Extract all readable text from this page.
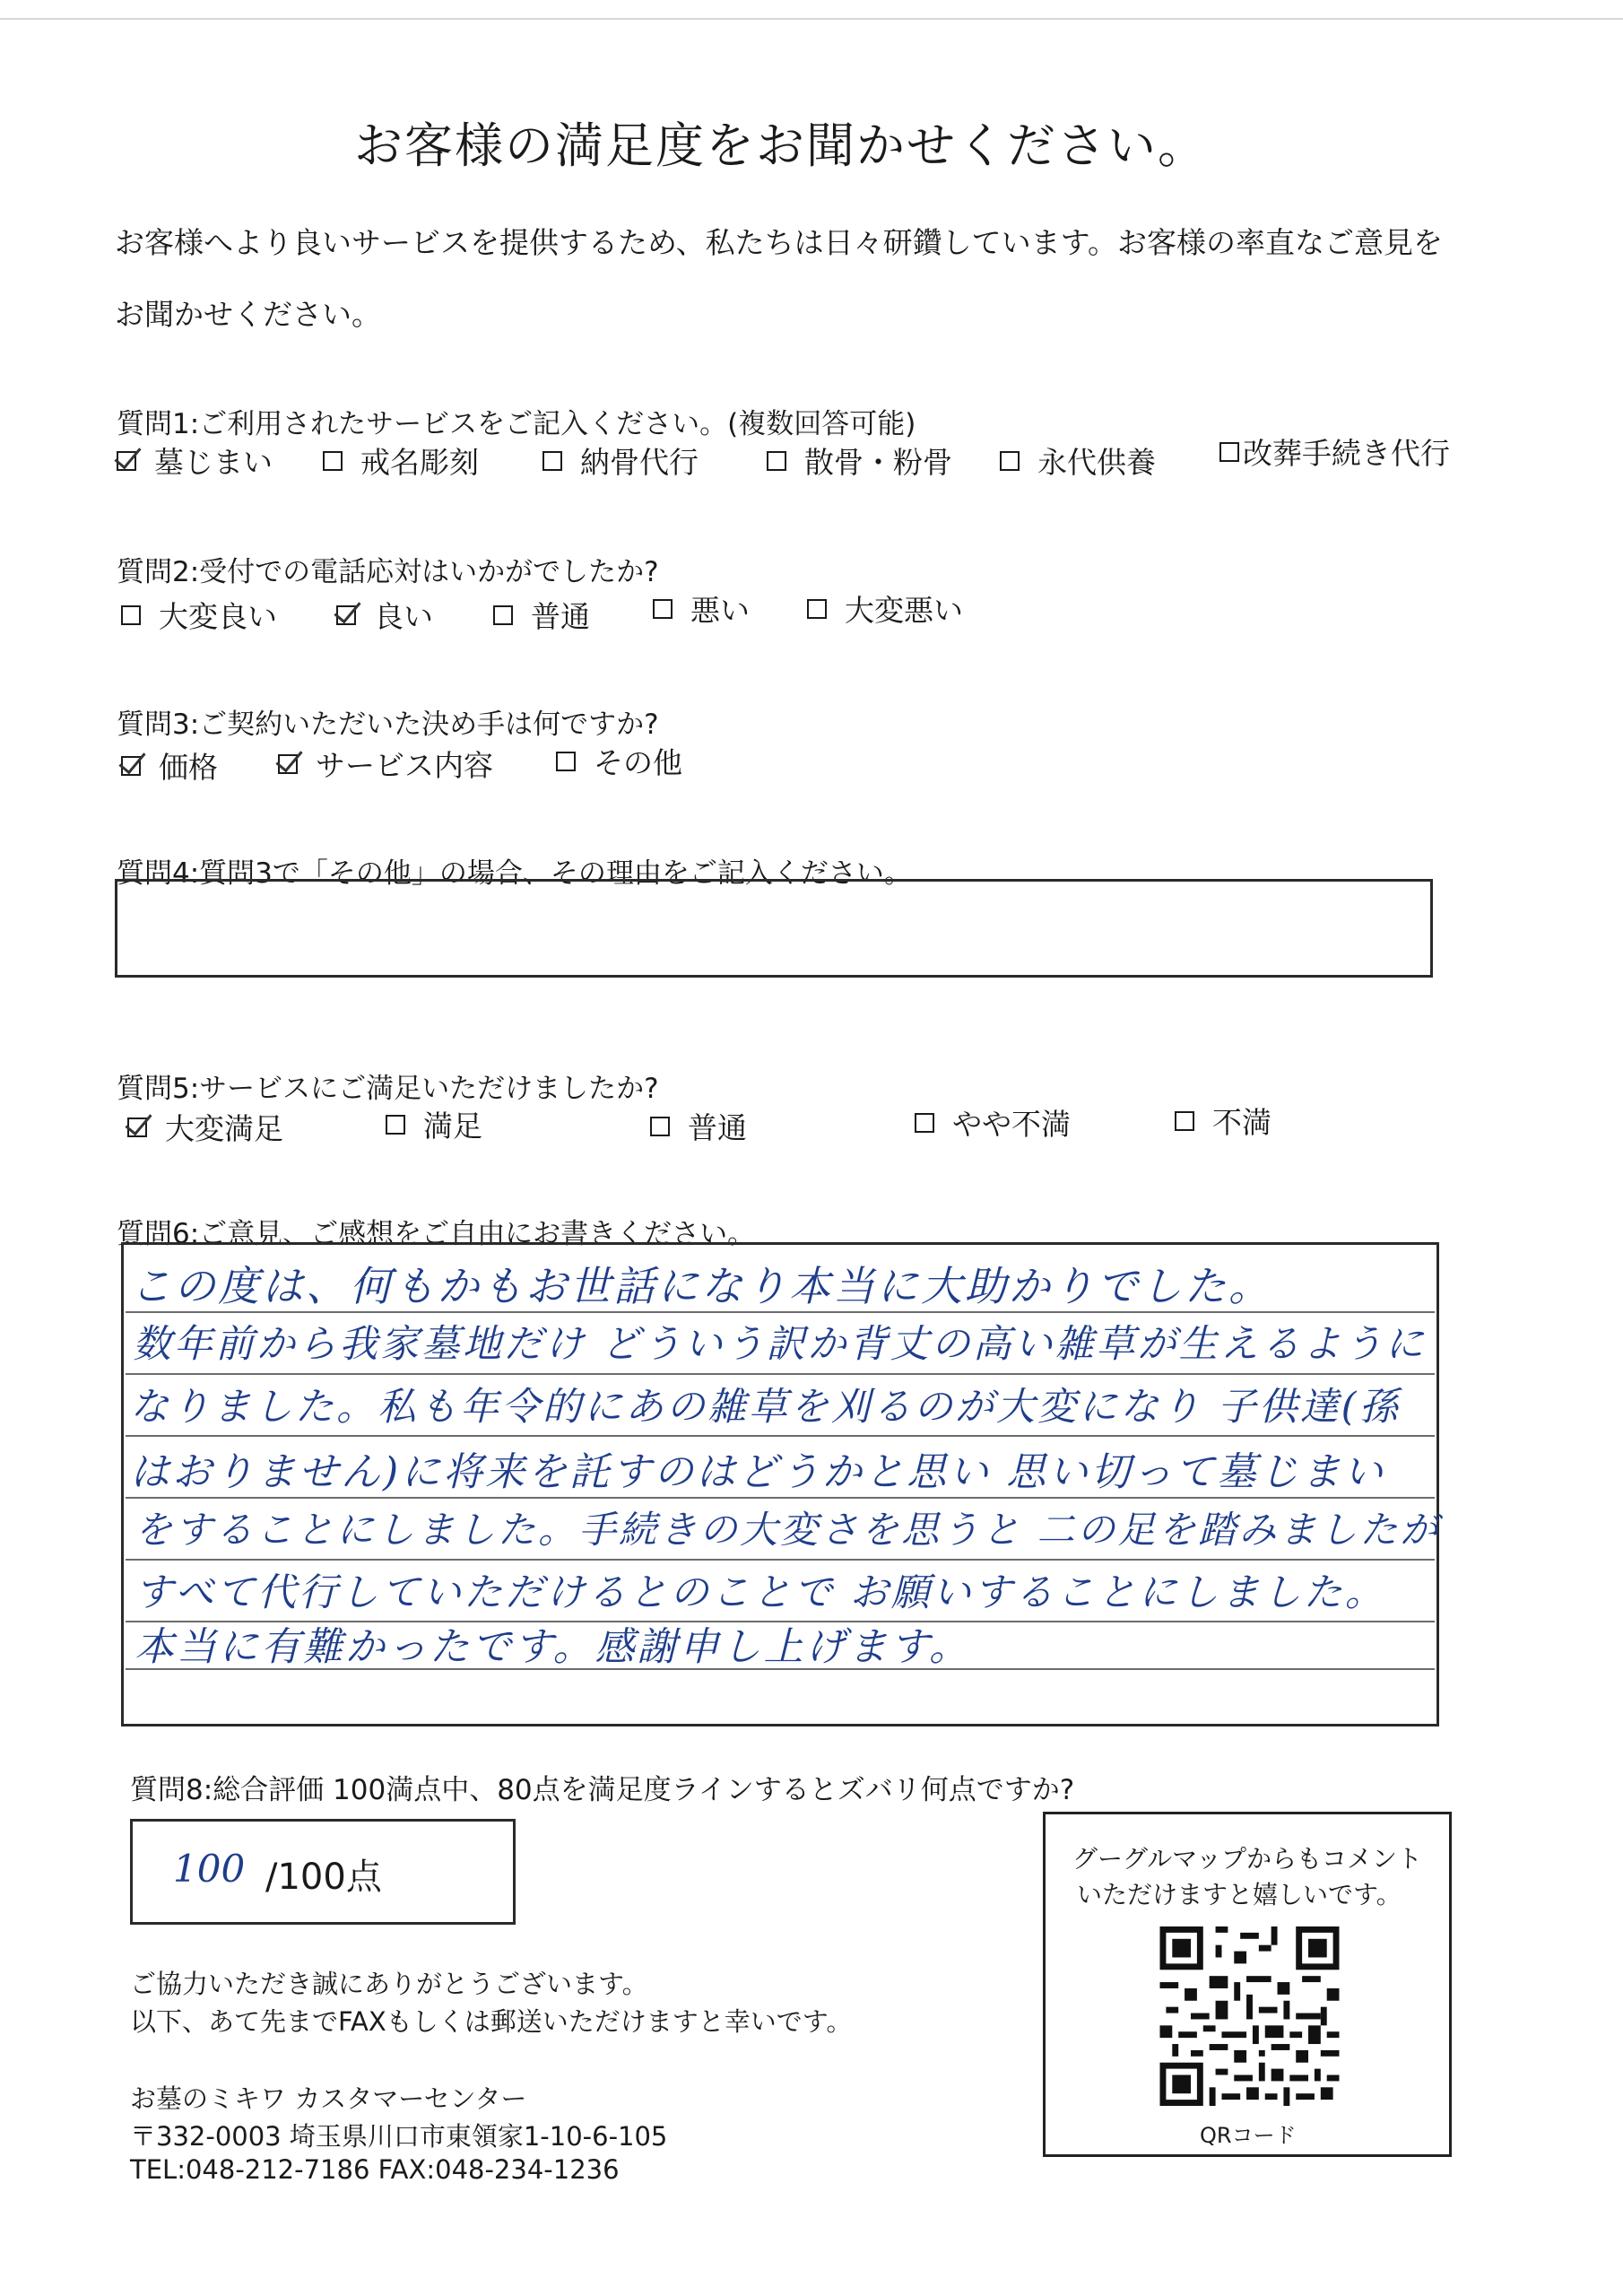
お客様の満足度をお聞かせください。
お客様へより良いサービスを提供するため、私たちは日々研鑽しています。お客様の率直なご意見を
お聞かせください。
質問1:ご利用されたサービスをご記入ください。(複数回答可能)
墓じまい	戒名彫刻	納骨代行	散骨・粉骨	永代供養	改葬手続き代行
質問2:受付での電話応対はいかがでしたか?
大変良い	良い	普通	悪い	大変悪い
質問3:ご契約いただいた決め手は何ですか?
価格	サービス内容	その他
質問4:質問3で「その他」の場合、その理由をご記入ください。
質問5:サービスにご満足いただけましたか?
大変満足	満足	普通	やや不満	不満
質問6:ご意見、ご感想をご自由にお書きください。
この度は、何もかもお世話になり本当に大助かりでした。
数年前から我家墓地だけ どういう訳か背丈の高い雑草が生えるように
なりました。私も年令的にあの雑草を刈るのが大変になり 子供達(孫
はおりません)に将来を託すのはどうかと思い 思い切って墓じまい
をすることにしました。手続きの大変さを思うと 二の足を踏みましたが
すべて代行していただけるとのことで お願いすることにしました。
本当に有難かったです。感謝申し上げます。
質問8:総合評価 100満点中、80点を満足度ラインするとズバリ何点ですか?
100 /100点	グーグルマップからもコメント
いただけますと嬉しいです。
QRコード
ご協力いただき誠にありがとうございます。
以下、あて先までFAXもしくは郵送いただけますと幸いです。
お墓のミキワ カスタマーセンター
〒332-0003 埼玉県川口市東領家1-10-6-105
TEL:048-212-7186 FAX:048-234-1236
